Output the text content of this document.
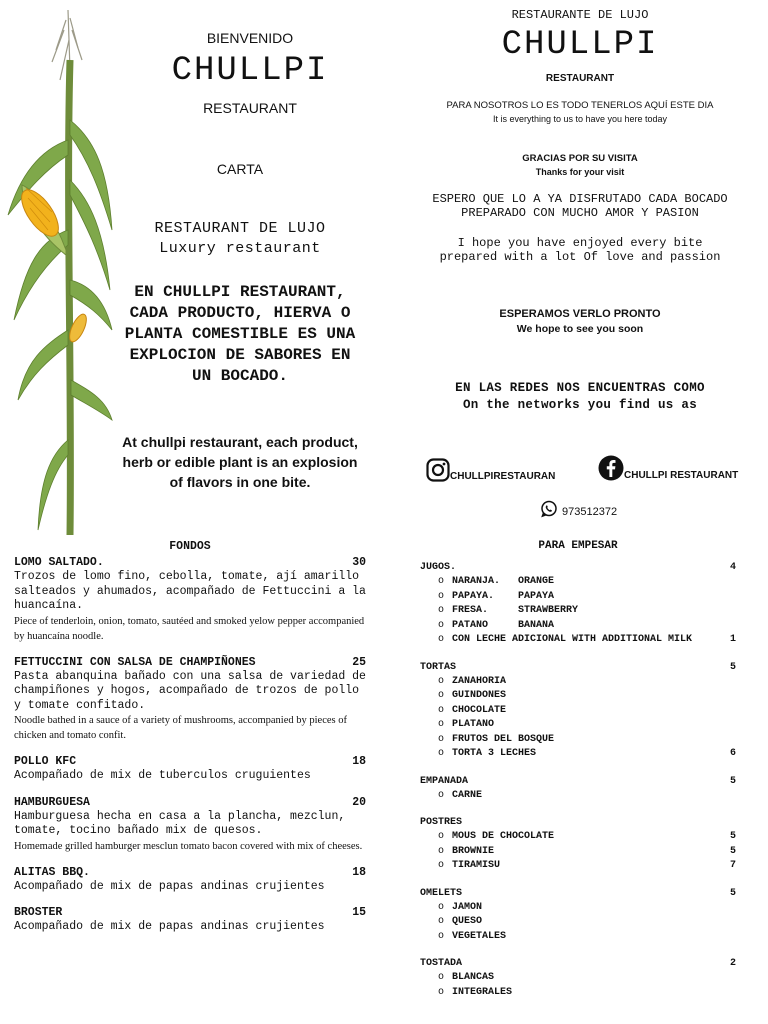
BIENVENIDO
CHULLPI
RESTAURANT
CARTA
RESTAURANT DE LUJO
Luxury restaurant
EN CHULLPI RESTAURANT, CADA PRODUCTO, HIERVA O PLANTA COMESTIBLE ES UNA EXPLOCION DE SABORES EN UN BOCADO.
At chullpi restaurant, each product, herb or edible plant is an explosion of flavors in one bite.
RESTAURANTE DE LUJO
CHULLPI
RESTAURANT
PARA NOSOTROS LO ES TODO TENERLOS AQUÍ ESTE DIA
It is everything to us to have you here today
GRACIAS POR SU VISITA
Thanks for your visit
ESPERO QUE LO A YA DISFRUTADO CADA BOCADO PREPARADO CON MUCHO AMOR Y PASION
I hope you have enjoyed every bite prepared with a lot Of love and passion
ESPERAMOS VERLO PRONTO
We hope to see you soon
EN LAS REDES NOS ENCUENTRAS COMO
On the networks you find us as
CHULLPIRESTAURAN	CHULLPI RESTAURANT
973512372
FONDOS
LOMO SALTADO.	30
Trozos de lomo fino, cebolla, tomate, ají amarillo salteados y ahumados, acompañado de Fettuccini a la huancaína.
Piece of tenderloin, onion, tomato, sautéed and smoked yelow pepper accompanied by huancaína noodle.
FETTUCCINI CON SALSA DE CHAMPIÑONES	25
Pasta abanquina bañado con una salsa de variedad de champiñones y hogos, acompañado de trozos de pollo y tomate confitado.
Noodle bathed in a sauce of a variety of mushrooms, accompanied by pieces of chicken and tomato confit.
POLLO KFC	18
Acompañado de mix de tuberculos cruguientes
HAMBURGUESA	20
Hamburguesa hecha en casa a la plancha, mezclun, tomate, tocino bañado mix de quesos.
Homemade grilled hamburger mesclun tomato bacon covered with mix of cheeses.
ALITAS BBQ.	18
Acompañado de mix de papas andinas crujientes
BROSTER	15
Acompañado de mix de papas andinas crujientes
PARA EMPESAR
JUGOS.	4
o NARANJA.   ORANGE
o PAPAYA.    PAPAYA
o FRESA.     STRAWBERRY
o PATANO     BANANA
o CON LECHE ADICIONAL WITH ADDITIONAL MILK	1
TORTAS	5
o ZANAHORIA
o GUINDONES
o CHOCOLATE
o PLATANO
o FRUTOS DEL BOSQUE
o TORTA 3 LECHES	6
EMPANADA	5
o CARNE
POSTRES
o MOUS DE CHOCOLATE	5
o BROWNIE	5
o TIRAMISU	7
OMELETS	5
o JAMON
o QUESO
o VEGETALES
TOSTADA	2
o BLANCAS
o INTEGRALES
